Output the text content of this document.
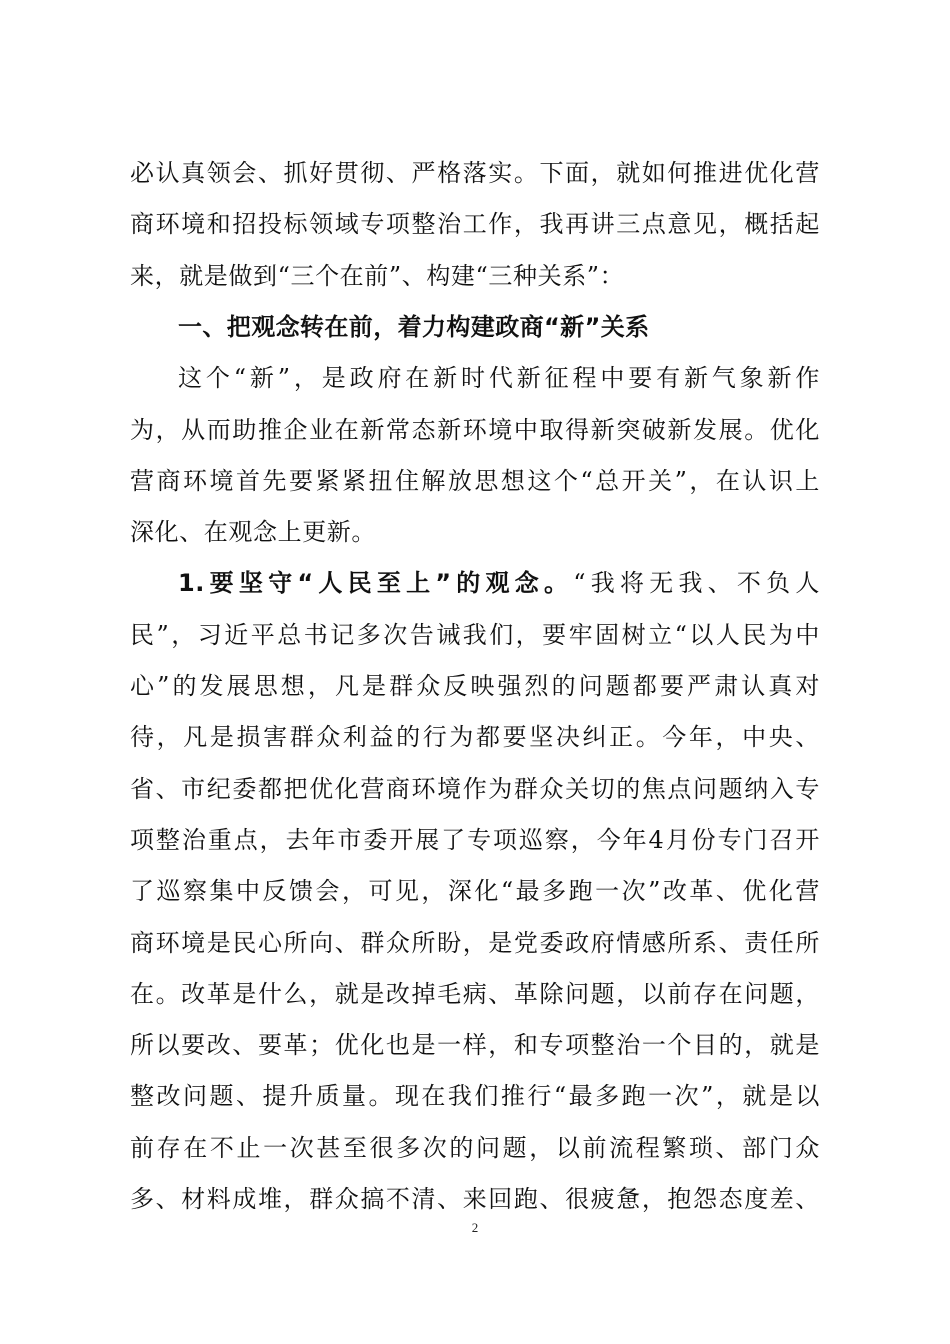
必认真领会、抓好贯彻、严格落实。下面，就如何推进优化营
商环境和招投标领域专项整治工作，我再讲三点意见，概括起
来，就是做到“三个在前”、构建“三种关系”：
一、把观念转在前，着力构建政商“新”关系
这个“新”，是政府在新时代新征程中要有新气象新作
为，从而助推企业在新常态新环境中取得新突破新发展。优化
营商环境首先要紧紧扭住解放思想这个“总开关”，在认识上
深化、在观念上更新。
1.要坚守“人民至上”的观念。“我将无我、不负人
民”，习近平总书记多次告诫我们，要牢固树立“以人民为中
心”的发展思想，凡是群众反映强烈的问题都要严肃认真对
待，凡是损害群众利益的行为都要坚决纠正。今年，中央、
省、市纪委都把优化营商环境作为群众关切的焦点问题纳入专
项整治重点，去年市委开展了专项巡察，今年4月份专门召开
了巡察集中反馈会，可见，深化“最多跑一次”改革、优化营
商环境是民心所向、群众所盼，是党委政府情感所系、责任所
在。改革是什么，就是改掉毛病、革除问题，以前存在问题，
所以要改、要革；优化也是一样，和专项整治一个目的，就是
整改问题、提升质量。现在我们推行“最多跑一次”，就是以
前存在不止一次甚至很多次的问题，以前流程繁琐、部门众
多、材料成堆，群众搞不清、来回跑、很疲惫，抱怨态度差、
2
